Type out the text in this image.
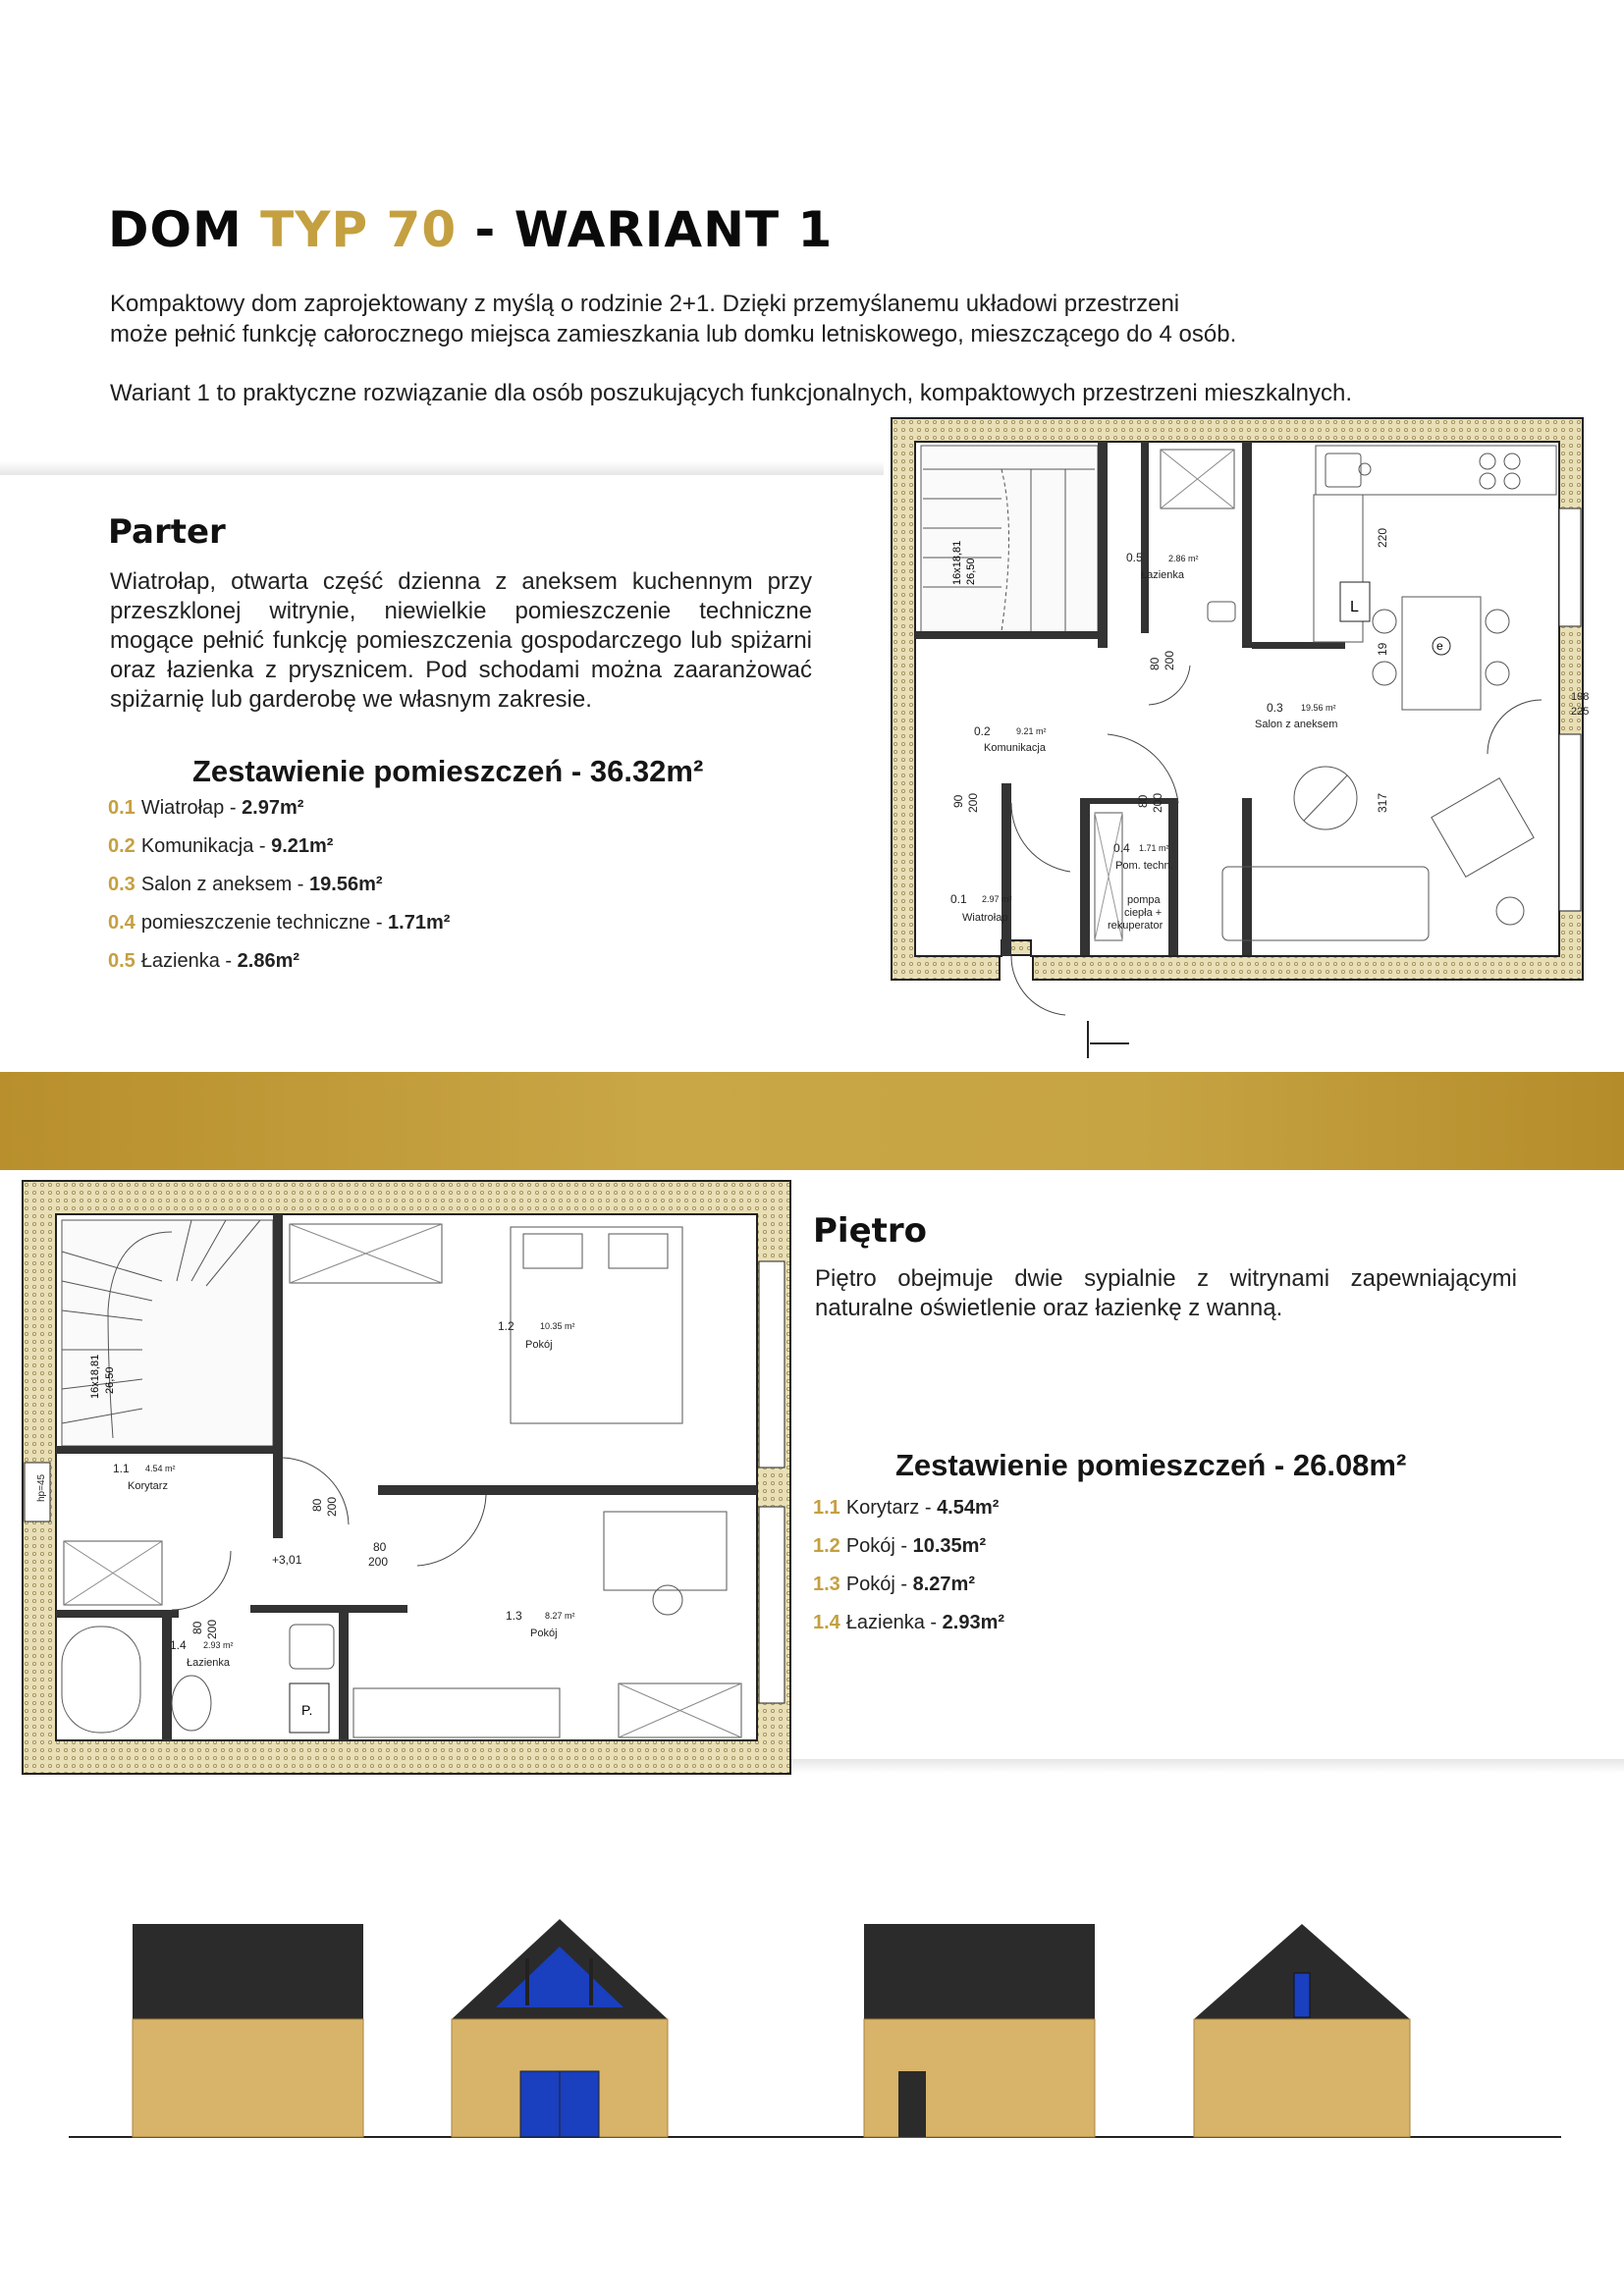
DOM TYP 70 - WARIANT 1
Kompaktowy dom zaprojektowany z myślą o rodzinie 2+1. Dzięki przemyślanemu układowi przestrzeni
może pełnić funkcję całorocznego miejsca zamieszkania lub domku letniskowego, mieszczącego do 4 osób.
Wariant 1 to praktyczne rozwiązanie dla osób poszukujących funkcjonalnych, kompaktowych przestrzeni mieszkalnych.
Parter
Wiatrołap, otwarta część dzienna z aneksem kuchennym przy przeszklonej witrynie, niewielkie pomieszczenie techniczne mogące pełnić funkcję pomieszczenia gospodarczego lub spiżarni oraz łazienka z prysznicem. Pod schodami można zaaranżować spiżarnię lub garderobę we własnym zakresie.
Zestawienie pomieszczeń - 36.32m²
0.1 Wiatrołap - 2.97m²
0.2 Komunikacja - 9.21m²
0.3 Salon z aneksem - 19.56m²
0.4 pomieszczenie techniczne - 1.71m²
0.5 Łazienka - 2.86m²
16x18,81 26,50
L
e
0.5	2.86 m²
Łazienka
0.2	9.21 m²
Komunikacja
0.3 19.56 m²
Salon z aneksem
0.4 1.71 m²
Pom. techn.
pompa
ciepła +
rekuperator
0.1 2.97 m²
Wiatrołap
80 200
90 200	80 200
220
19
317
198
225
Piętro
Piętro obejmuje dwie sypialnie z witrynami zapewniającymi naturalne oświetlenie oraz łazienkę z wanną.
Zestawienie pomieszczeń - 26.08m²
1.1 Korytarz - 4.54m²
1.2 Pokój - 10.35m²
1.3 Pokój - 8.27m²
1.4 Łazienka - 2.93m²
16x18,81 26,50
P.
1.2	10.35 m²
Pokój
1.1 4.54 m²
Korytarz
1.3	8.27 m²
Pokój
1.4 2.93 m²
Łazienka
+3,01
hp=45
80 200
80
200
80 200
